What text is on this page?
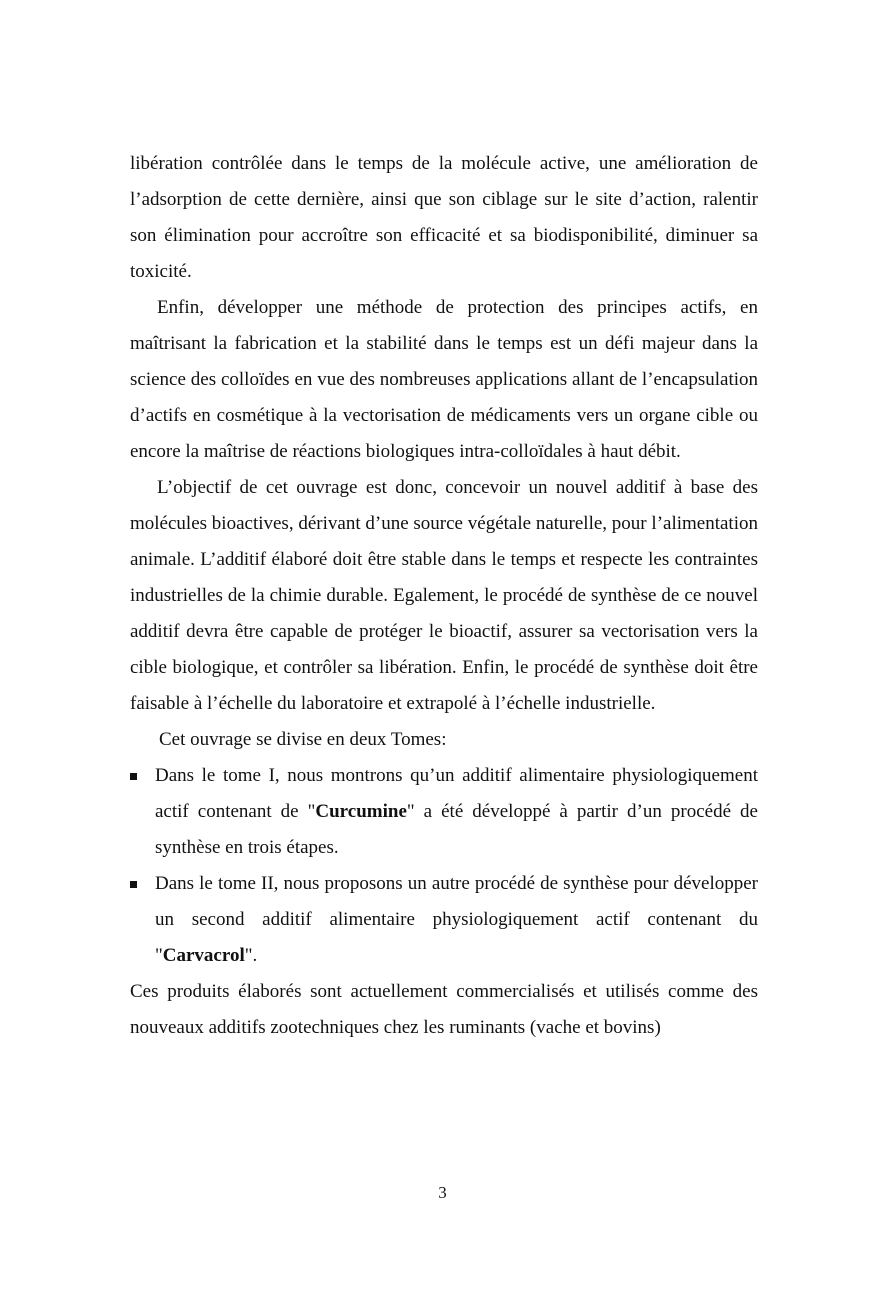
libération contrôlée dans le temps de la molécule active, une amélioration de l’adsorption de cette dernière, ainsi que son ciblage sur le site d’action, ralentir son élimination pour accroître son efficacité et sa biodisponibilité, diminuer sa toxicité.

Enfin, développer une méthode de protection des principes actifs, en maîtrisant la fabrication et la stabilité dans le temps est un défi majeur dans la science des colloïdes en vue des nombreuses applications allant de l’encapsulation d’actifs en cosmétique à la vectorisation de médicaments vers un organe cible ou encore la maîtrise de réactions biologiques intra-colloïdales à haut débit.

L’objectif de cet ouvrage est donc, concevoir un nouvel additif à base des molécules bioactives, dérivant d’une source végétale naturelle, pour l’alimentation animale. L’additif élaboré doit être stable dans le temps et respecte les contraintes industrielles de la chimie durable. Egalement, le procédé de synthèse de ce nouvel additif devra être capable de protéger le bioactif, assurer sa vectorisation vers la cible biologique, et contrôler sa libération. Enfin, le procédé de synthèse doit être faisable à l’échelle du laboratoire et extrapolé à l’échelle industrielle.

Cet ouvrage se divise en deux Tomes:

Dans le tome I, nous montrons qu’un additif alimentaire physiologiquement actif contenant de "Curcumine" a été développé à partir d’un procédé de synthèse en trois étapes.
Dans le tome II, nous proposons un autre procédé de synthèse pour développer un second additif alimentaire physiologiquement actif contenant du "Carvacrol".

Ces produits élaborés sont actuellement commercialisés et utilisés comme des nouveaux additifs zootechniques chez les ruminants (vache et bovins)

3
